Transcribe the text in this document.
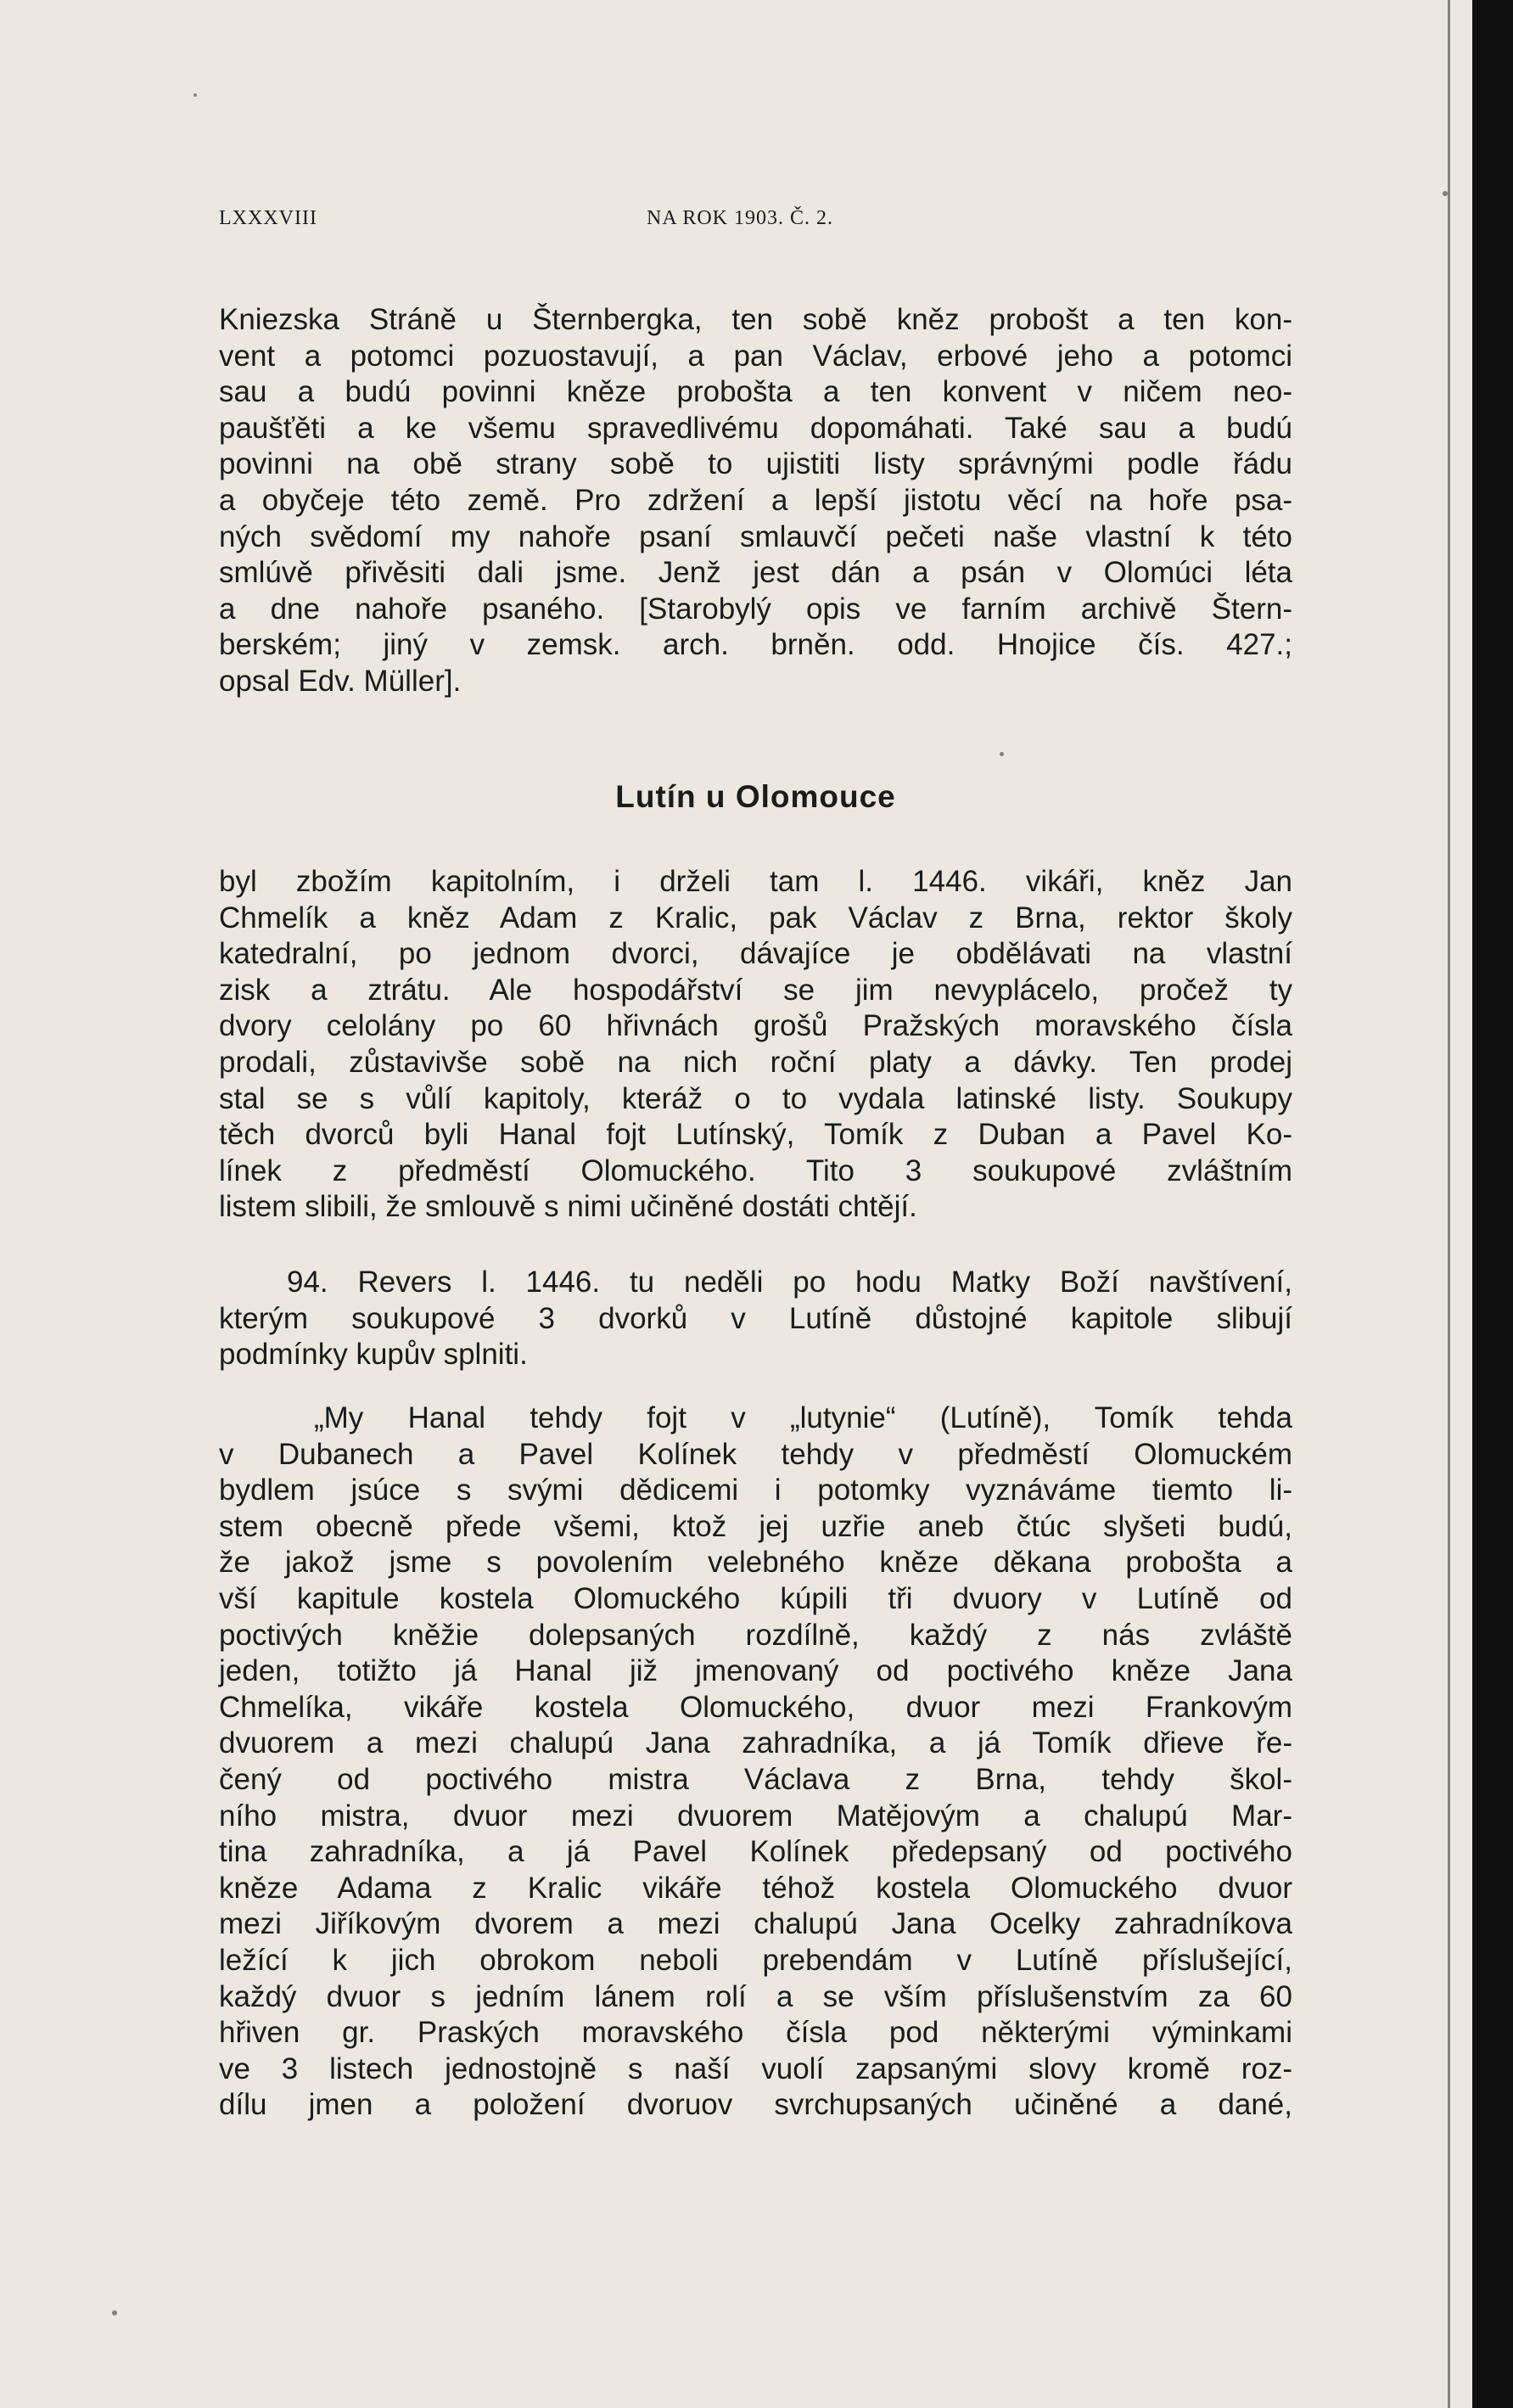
LXXXVIII	NA ROK 1903. Č. 2.
Kniezska Stráně u Šternbergka, ten sobě kněz probošt a ten kon-
vent a potomci pozuostavují, a pan Václav, erbové jeho a potomci
sau a budú povinni kněze probošta a ten konvent v ničem neo-
paušťěti a ke všemu spravedlivému dopomáhati. Také sau a budú
povinni na obě strany sobě to ujistiti listy správnými podle řádu
a obyčeje této země. Pro zdržení a lepší jistotu věcí na hoře psa-
ných svědomí my nahoře psaní smlauvčí pečeti naše vlastní k této
smlúvě přivěsiti dali jsme. Jenž jest dán a psán v Olomúci léta
a dne nahoře psaného. [Starobylý opis ve farním archivě Štern-
berském; jiný v zemsk. arch. brněn. odd. Hnojice čís. 427.;
opsal Edv. Müller].
Lutín u Olomouce
byl zbožím kapitolním, i drželi tam l. 1446. vikáři, kněz Jan
Chmelík a kněz Adam z Kralic, pak Václav z Brna, rektor školy
katedralní, po jednom dvorci, dávajíce je obdělávati na vlastní
zisk a ztrátu. Ale hospodářství se jim nevyplácelo, pročež ty
dvory celolány po 60 hřivnách grošů Pražských moravského čísla
prodali, zůstavivše sobě na nich roční platy a dávky. Ten prodej
stal se s vůlí kapitoly, kteráž o to vydala latinské listy. Soukupy
těch dvorců byli Hanal fojt Lutínský, Tomík z Duban a Pavel Ko-
línek z předměstí Olomuckého. Tito 3 soukupové zvláštním
listem slibili, že smlouvě s nimi učiněné dostáti chtějí.
94. Revers l. 1446. tu neděli po hodu Matky Boží navštívení,
kterým soukupové 3 dvorků v Lutíně důstojné kapitole slibují
podmínky kupův splniti.
„My Hanal tehdy fojt v „lutynie“ (Lutíně), Tomík tehda
v Dubanech a Pavel Kolínek tehdy v předměstí Olomuckém
bydlem jsúce s svými dědicemi i potomky vyznáváme tiemto li-
stem obecně přede všemi, ktož jej uzřie aneb čtúc slyšeti budú,
že jakož jsme s povolením velebného kněze děkana probošta a
vší kapitule kostela Olomuckého kúpili tři dvuory v Lutíně od
poctivých kněžie dolepsaných rozdílně, každý z nás zvláště
jeden, totižto já Hanal již jmenovaný od poctivého kněze Jana
Chmelíka, vikáře kostela Olomuckého, dvuor mezi Frankovým
dvuorem a mezi chalupú Jana zahradníka, a já Tomík dřieve ře-
čený od poctivého mistra Václava z Brna, tehdy škol-
ního mistra, dvuor mezi dvuorem Matějovým a chalupú Mar-
tina zahradníka, a já Pavel Kolínek předepsaný od poctivého
kněze Adama z Kralic vikáře téhož kostela Olomuckého dvuor
mezi Jiříkovým dvorem a mezi chalupú Jana Ocelky zahradníkova
ležící k jich obrokom neboli prebendám v Lutíně příslušející,
každý dvuor s jedním lánem rolí a se vším příslušenstvím za 60
hřiven gr. Praských moravského čísla pod některými výminkami
ve 3 listech jednostojně s naší vuolí zapsanými slovy kromě roz-
dílu jmen a položení dvoruov svrchupsaných učiněné a dané,
